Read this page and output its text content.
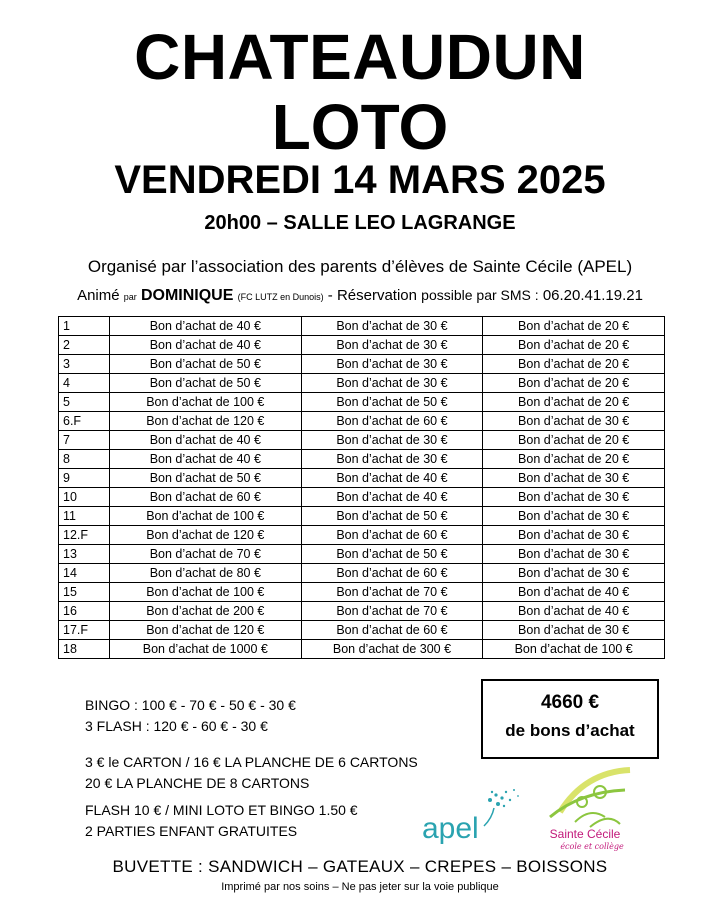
CHATEAUDUN
LOTO
VENDREDI 14 MARS 2025
20h00 – SALLE LEO LAGRANGE
Organisé par l’association des parents d’élèves de Sainte Cécile (APEL)
Animé par DOMINIQUE (FC LUTZ en Dunois) - Réservation possible par SMS : 06.20.41.19.21
1	Bon d’achat de 40 €	Bon d’achat de 30 €	Bon d’achat de 20 €
2	Bon d’achat de 40 €	Bon d’achat de 30 €	Bon d’achat de 20 €
3	Bon d’achat de 50 €	Bon d’achat de 30 €	Bon d’achat de 20 €
4	Bon d’achat de 50 €	Bon d’achat de 30 €	Bon d’achat de 20 €
5	Bon d’achat de 100 €	Bon d’achat de 50 €	Bon d’achat de 20 €
6.F	Bon d’achat de 120 €	Bon d’achat de 60 €	Bon d’achat de 30 €
7	Bon d’achat de 40 €	Bon d’achat de 30 €	Bon d’achat de 20 €
8	Bon d’achat de 40 €	Bon d’achat de 30 €	Bon d’achat de 20 €
9	Bon d’achat de 50 €	Bon d’achat de 40 €	Bon d’achat de 30 €
10	Bon d’achat de 60 €	Bon d’achat de 40 €	Bon d’achat de 30 €
11	Bon d’achat de 100 €	Bon d’achat de 50 €	Bon d’achat de 30 €
12.F	Bon d’achat de 120 €	Bon d’achat de 60 €	Bon d’achat de 30 €
13	Bon d’achat de 70 €	Bon d’achat de 50 €	Bon d’achat de 30 €
14	Bon d’achat de 80 €	Bon d’achat de 60 €	Bon d’achat de 30 €
15	Bon d’achat de 100 €	Bon d’achat de 70 €	Bon d’achat de 40 €
16	Bon d’achat de 200 €	Bon d’achat de 70 €	Bon d’achat de 40 €
17.F	Bon d’achat de 120 €	Bon d’achat de 60 €	Bon d’achat de 30 €
18	Bon d’achat de 1000 €	Bon d’achat de 300 €	Bon d’achat de 100 €
BINGO : 100 € - 70 € - 50 € - 30 €
3 FLASH : 120 € - 60 € - 30 €
3 € le CARTON / 16 € LA PLANCHE DE 6 CARTONS
20 € LA PLANCHE DE 8 CARTONS
FLASH 10 € / MINI LOTO ET BINGO 1.50 €
2 PARTIES ENFANT GRATUITES
4660 €
de bons d’achat
apel	Sainte Cécile
école et collège
BUVETTE : SANDWICH – GATEAUX – CREPES – BOISSONS
Imprimé par nos soins – Ne pas jeter sur la voie publique
